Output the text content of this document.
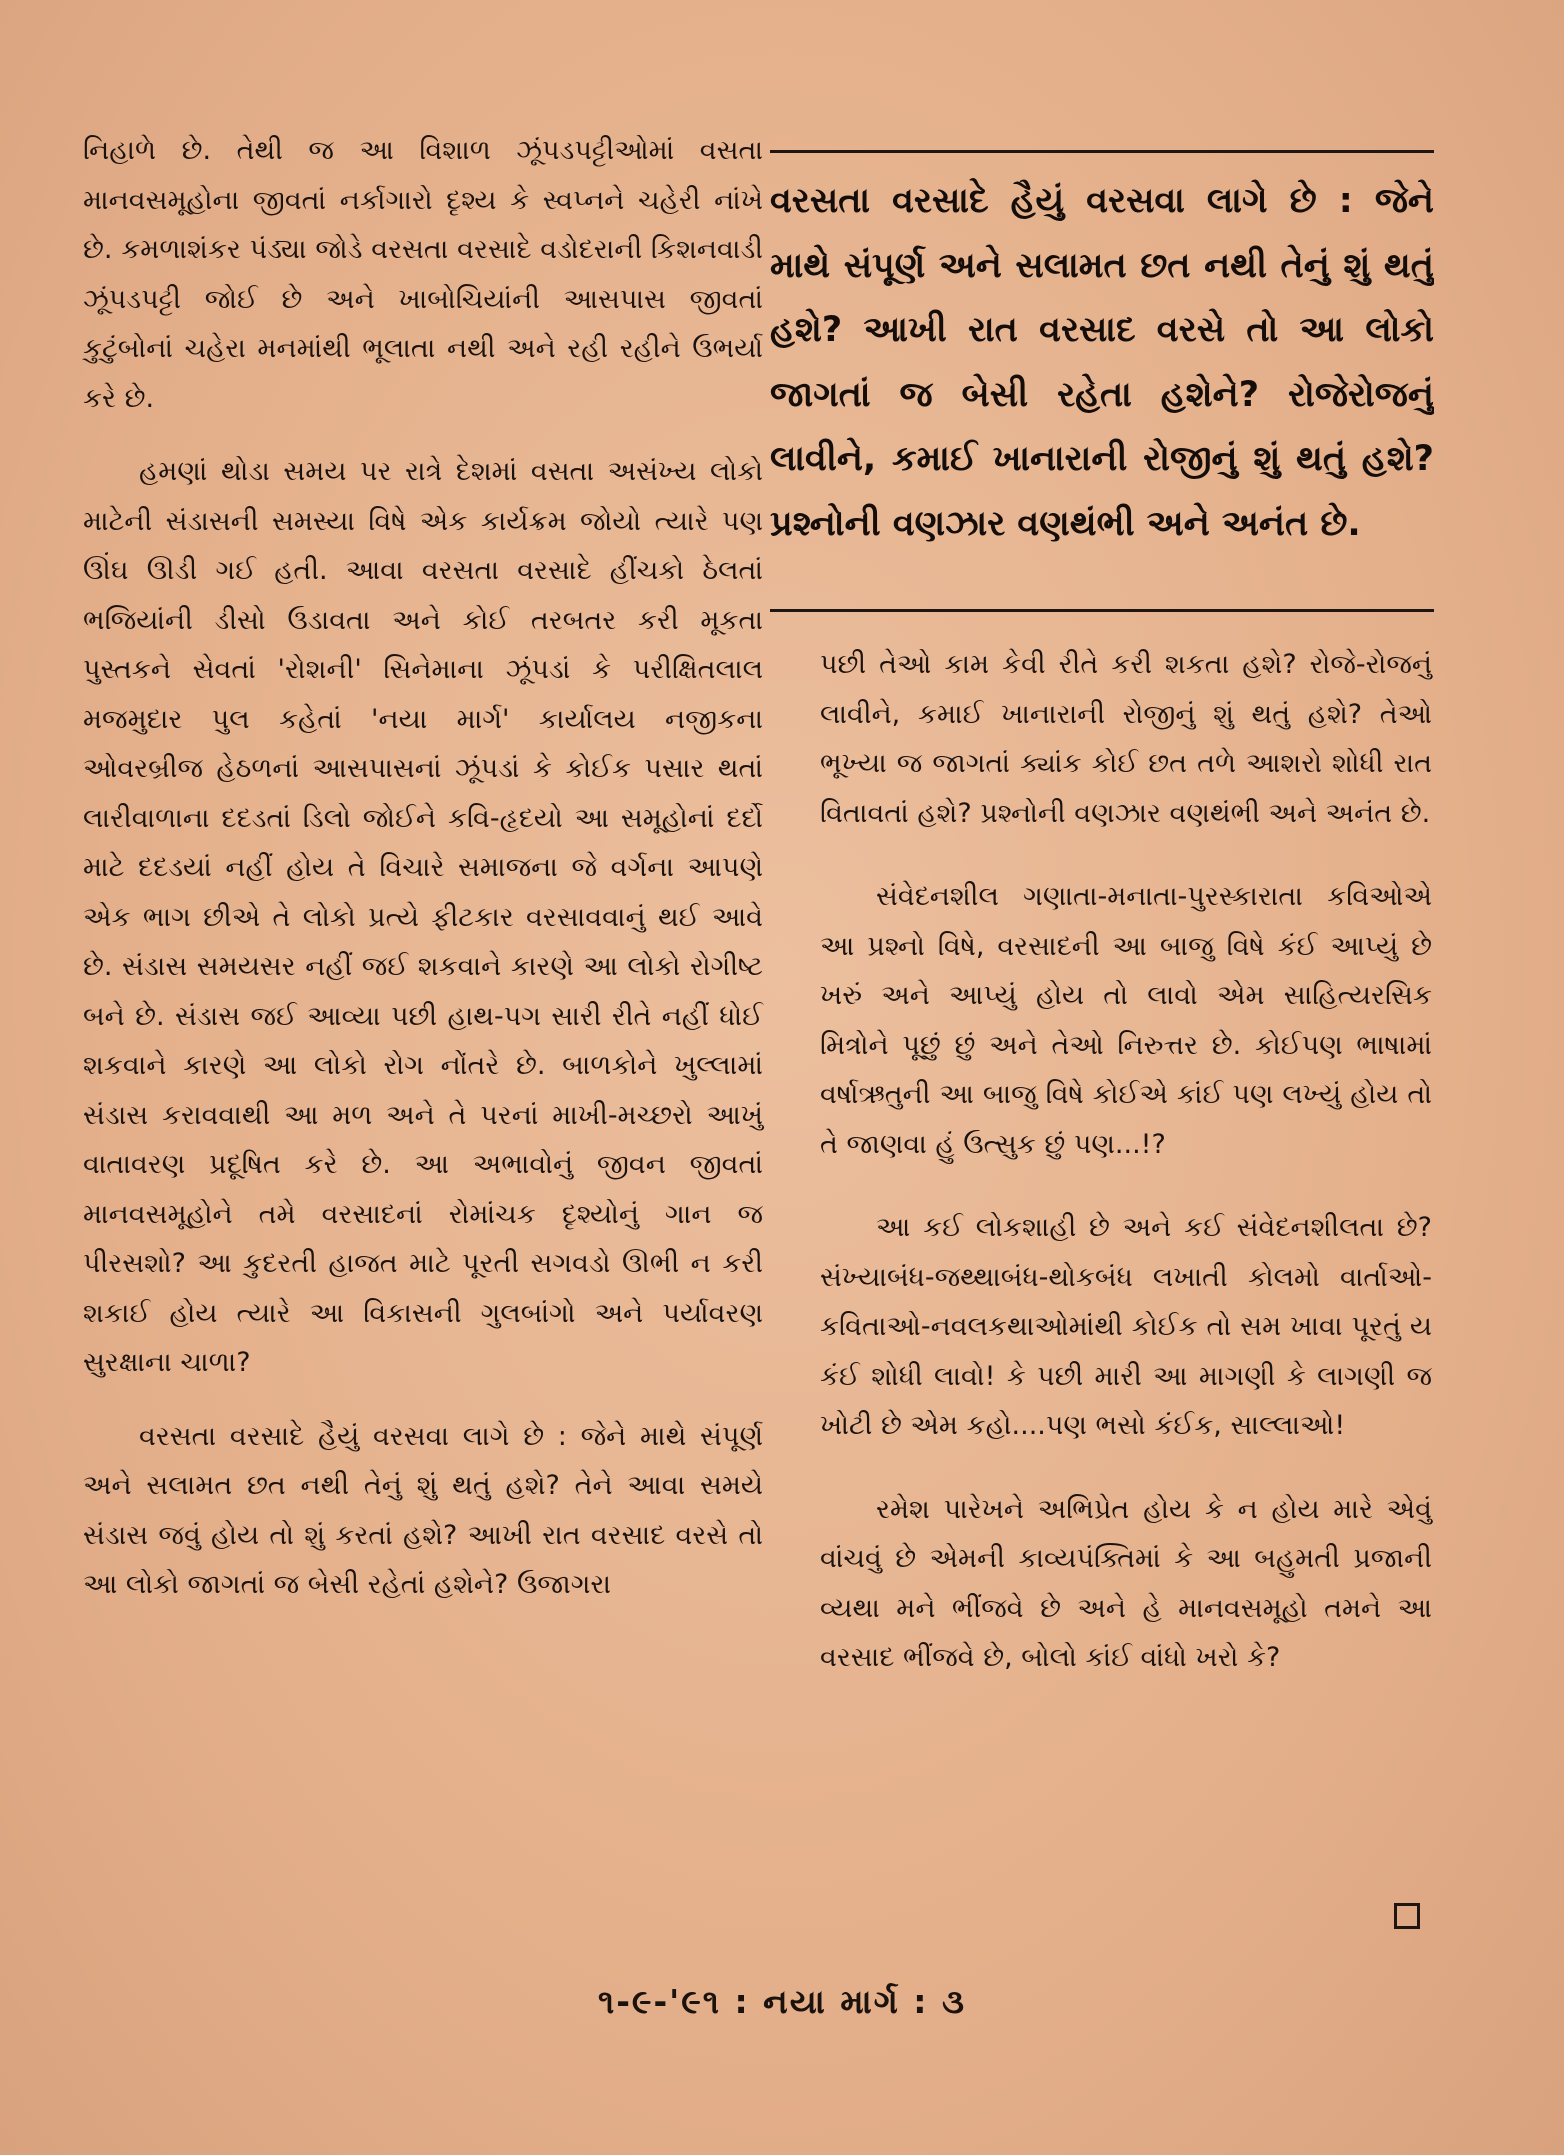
નિહાળે છે. તેથી જ આ વિશાળ ઝૂંપડપટ્ટીઓમાં વસતા માનવસમૂહોના જીવતાં નર્કાગારો દૃશ્ય કે સ્વપ્નને ચહેરી નાંખે છે. કમળાશંકર પંડ્યા જોડે વરસતા વરસાદે વડોદરાની કિશનવાડી ઝૂંપડપટ્ટી જોઈ છે અને ખાબોચિયાંની આસપાસ જીવતાં કુટુંબોનાં ચહેરા મનમાંથી ભૂલાતા નથી અને રહી રહીને ઉભર્યા કરે છે.

હમણાં થોડા સમય પર રાત્રે દેશમાં વસતા અસંખ્ય લોકો માટેની સંડાસની સમસ્યા વિષે એક કાર્યક્રમ જોયો ત્યારે પણ ઊંઘ ઊડી ગઈ હતી. આવા વરસતા વરસાદે હીંચકો ઠેલતાં ભજિયાંની ડીસો ઉડાવતા અને કોઈ તરબતર કરી મૂકતા પુસ્તકને સેવતાં 'રોશની' સિનેમાના ઝૂંપડાં કે પરીક્ષિતલાલ મજમુદાર પુલ કહેતાં 'નયા માર્ગ' કાર્યાલય નજીકના ઓવરબ્રીજ હેઠળનાં આસપાસનાં ઝૂંપડાં કે કોઈક પસાર થતાં લારીવાળાના દદડતાં ડિલો જોઈને કવિ-હૃદયો આ સમૂહોનાં દર્દો માટે દદડયાં નહીં હોય તે વિચારે સમાજના જે વર્ગના આપણે એક ભાગ છીએ તે લોકો પ્રત્યે ફીટકાર વરસાવવાનું થઈ આવે છે. સંડાસ સમયસર નહીં જઈ શકવાને કારણે આ લોકો રોગીષ્ટ બને છે. સંડાસ જઈ આવ્યા પછી હાથ-પગ સારી રીતે નહીં ધોઈ શકવાને કારણે આ લોકો રોગ નોંતરે છે. બાળકોને ખુલ્લામાં સંડાસ કરાવવાથી આ મળ અને તે પરનાં માખી-મચ્છરો આખું વાતાવરણ પ્રદૂષિત કરે છે. આ અભાવોનું જીવન જીવતાં માનવસમૂહોને તમે વરસાદનાં રોમાંચક દૃશ્યોનું ગાન જ પીરસશો? આ કુદરતી હાજત માટે પૂરતી સગવડો ઊભી ન કરી શકાઈ હોય ત્યારે આ વિકાસની ગુલબાંગો અને પર્યાવરણ સુરક્ષાના ચાળા?

વરસતા વરસાદે હૈયું વરસવા લાગે છે : જેને માથે સંપૂર્ણ અને સલામત છત નથી તેનું શું થતું હશે? તેને આવા સમયે સંડાસ જવું હોય તો શું કરતાં હશે? આખી રાત વરસાદ વરસે તો આ લોકો જાગતાં જ બેસી રહેતાં હશેને? ઉજાગરા

વરસતા વરસાદે હૈયું વરસવા લાગે છે : જેને માથે સંપૂર્ણ અને સલામત છત નથી તેનું શું થતું હશે? આખી રાત વરસાદ વરસે તો આ લોકો જાગતાં જ બેસી રહેતા હશેને? રોજેરોજનું લાવીને, કમાઈ ખાનારાની રોજીનું શું થતું હશે? પ્રશ્નોની વણઝાર વણથંભી અને અનંત છે.

પછી તેઓ કામ કેવી રીતે કરી શકતા હશે? રોજે-રોજનું લાવીને, કમાઈ ખાનારાની રોજીનું શું થતું હશે? તેઓ ભૂખ્યા જ જાગતાં ક્યાંક કોઈ છત તળે આશરો શોધી રાત વિતાવતાં હશે? પ્રશ્નોની વણઝાર વણથંભી અને અનંત છે.

સંવેદનશીલ ગણાતા-મનાતા-પુરસ્કારાતા કવિઓએ આ પ્રશ્નો વિષે, વરસાદની આ બાજુ વિષે કંઈ આપ્યું છે ખરું અને આપ્યું હોય તો લાવો એમ સાહિત્યરસિક મિત્રોને પૂછું છું અને તેઓ નિરુત્તર છે. કોઈપણ ભાષામાં વર્ષાઋતુની આ બાજુ વિષે કોઈએ કાંઈ પણ લખ્યું હોય તો તે જાણવા હું ઉત્સુક છું પણ...!?

આ કઈ લોકશાહી છે અને કઈ સંવેદનશીલતા છે? સંખ્યાબંધ-જથ્થાબંધ-થોકબંધ લખાતી કોલમો વાર્તાઓ-કવિતાઓ-નવલકથાઓમાંથી કોઈક તો સમ ખાવા પૂરતું ય કંઈ શોધી લાવો! કે પછી મારી આ માગણી કે લાગણી જ ખોટી છે એમ કહો....પણ ભસો કંઈક, સાલ્લાઓ!

રમેશ પારેખને અભિપ્રેત હોય કે ન હોય મારે એવું વાંચવું છે એમની કાવ્યપંક્તિમાં કે આ બહુમતી પ્રજાની વ્યથા મને ભીંજવે છે અને હે માનવસમૂહો તમને આ વરસાદ ભીંજવે છે, બોલો કાંઈ વાંધો ખરો કે?

૧-૯-'૯૧ : નયા માર્ગ : ૩
